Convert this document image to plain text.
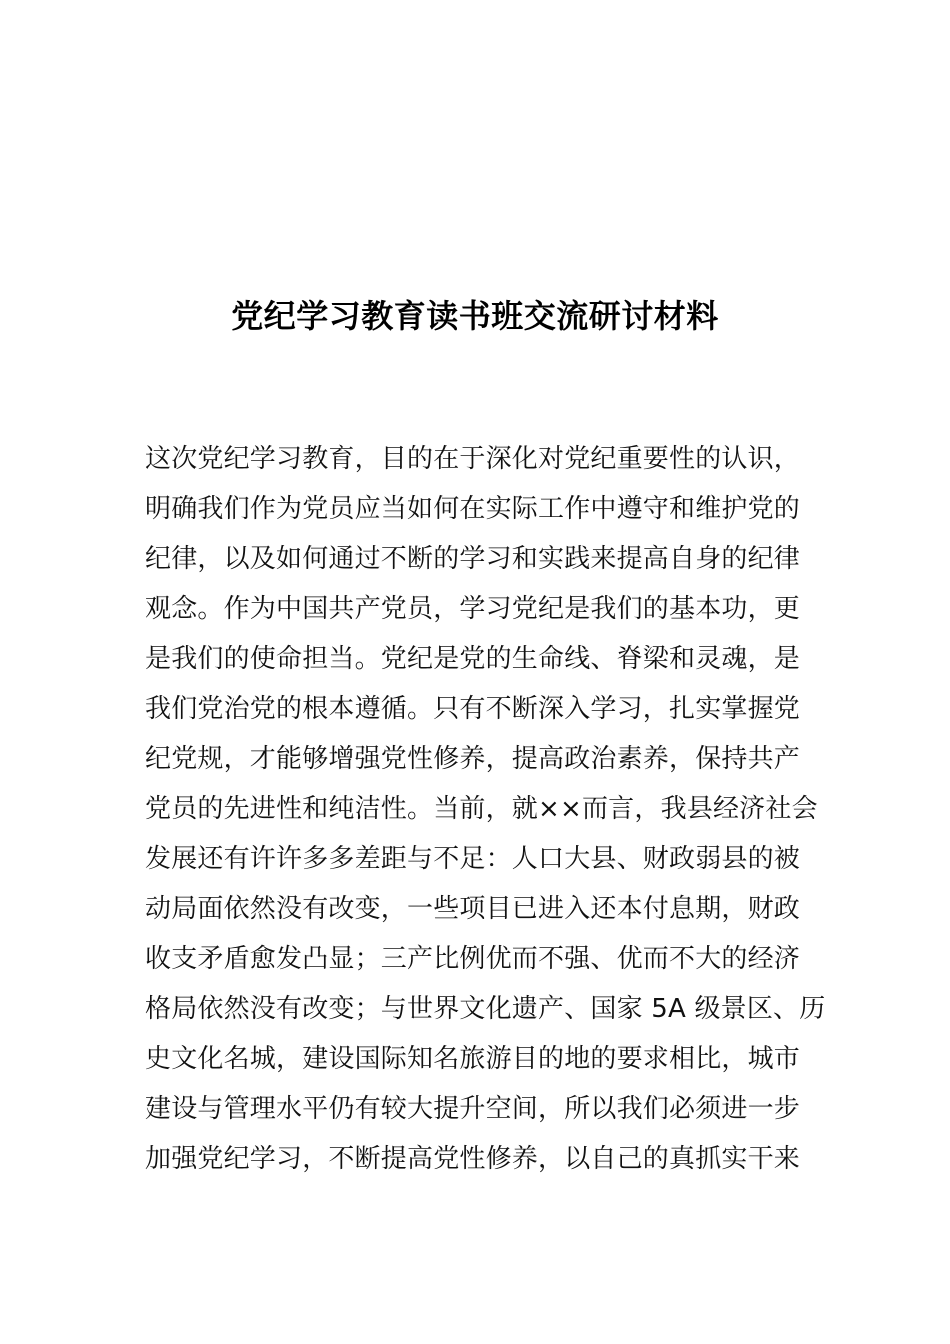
党纪学习教育读书班交流研讨材料
这次党纪学习教育，目的在于深化对党纪重要性的认识，
明确我们作为党员应当如何在实际工作中遵守和维护党的
纪律，以及如何通过不断的学习和实践来提高自身的纪律
观念。作为中国共产党员，学习党纪是我们的基本功，更
是我们的使命担当。党纪是党的生命线、脊梁和灵魂，是
我们党治党的根本遵循。只有不断深入学习，扎实掌握党
纪党规，才能够增强党性修养，提高政治素养，保持共产
党员的先进性和纯洁性。当前，就××而言，我县经济社会
发展还有许许多多差距与不足：人口大县、财政弱县的被
动局面依然没有改变，一些项目已进入还本付息期，财政
收支矛盾愈发凸显；三产比例优而不强、优而不大的经济
格局依然没有改变；与世界文化遗产、国家 5A 级景区、历
史文化名城，建设国际知名旅游目的地的要求相比，城市
建设与管理水平仍有较大提升空间，所以我们必须进一步
加强党纪学习，不断提高党性修养，以自己的真抓实干来
